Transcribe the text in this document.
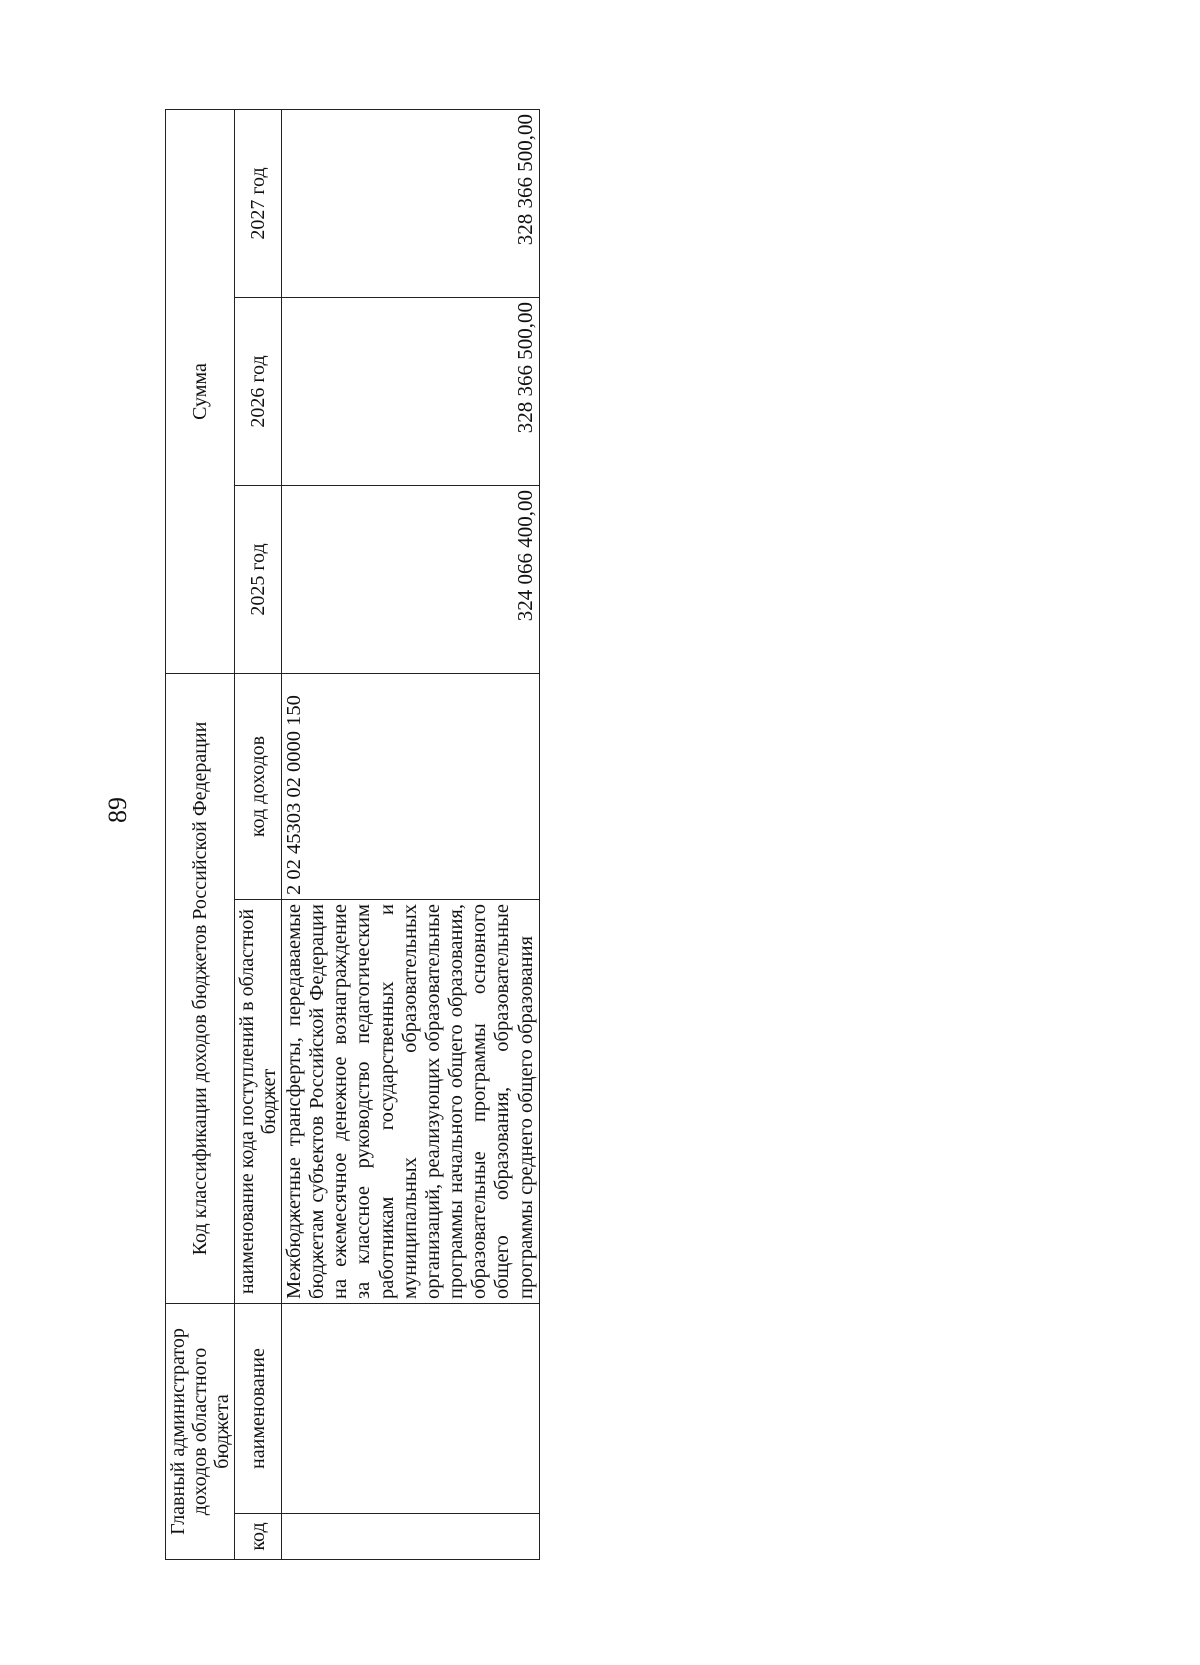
89
Главный администратор доходов областного бюджета		Код классификации доходов бюджетов Российской Федерации		Сумма		
код	наименование	наименование кода поступлений в областной бюджет	код доходов	2025 год	2026 год	2027 год
		Межбюджетные трансферты, передаваемые бюджетам субъектов Российской Федерации на ежемесячное денежное вознаграждение за классное руководство педагогическим работникам государственных и муниципальных образовательных организаций, реализующих образовательные программы начального общего образования, образовательные программы основного общего образования, образовательные программы среднего общего образования	2 02 45303 02 0000 150	324 066 400,00	328 366 500,00	328 366 500,00
